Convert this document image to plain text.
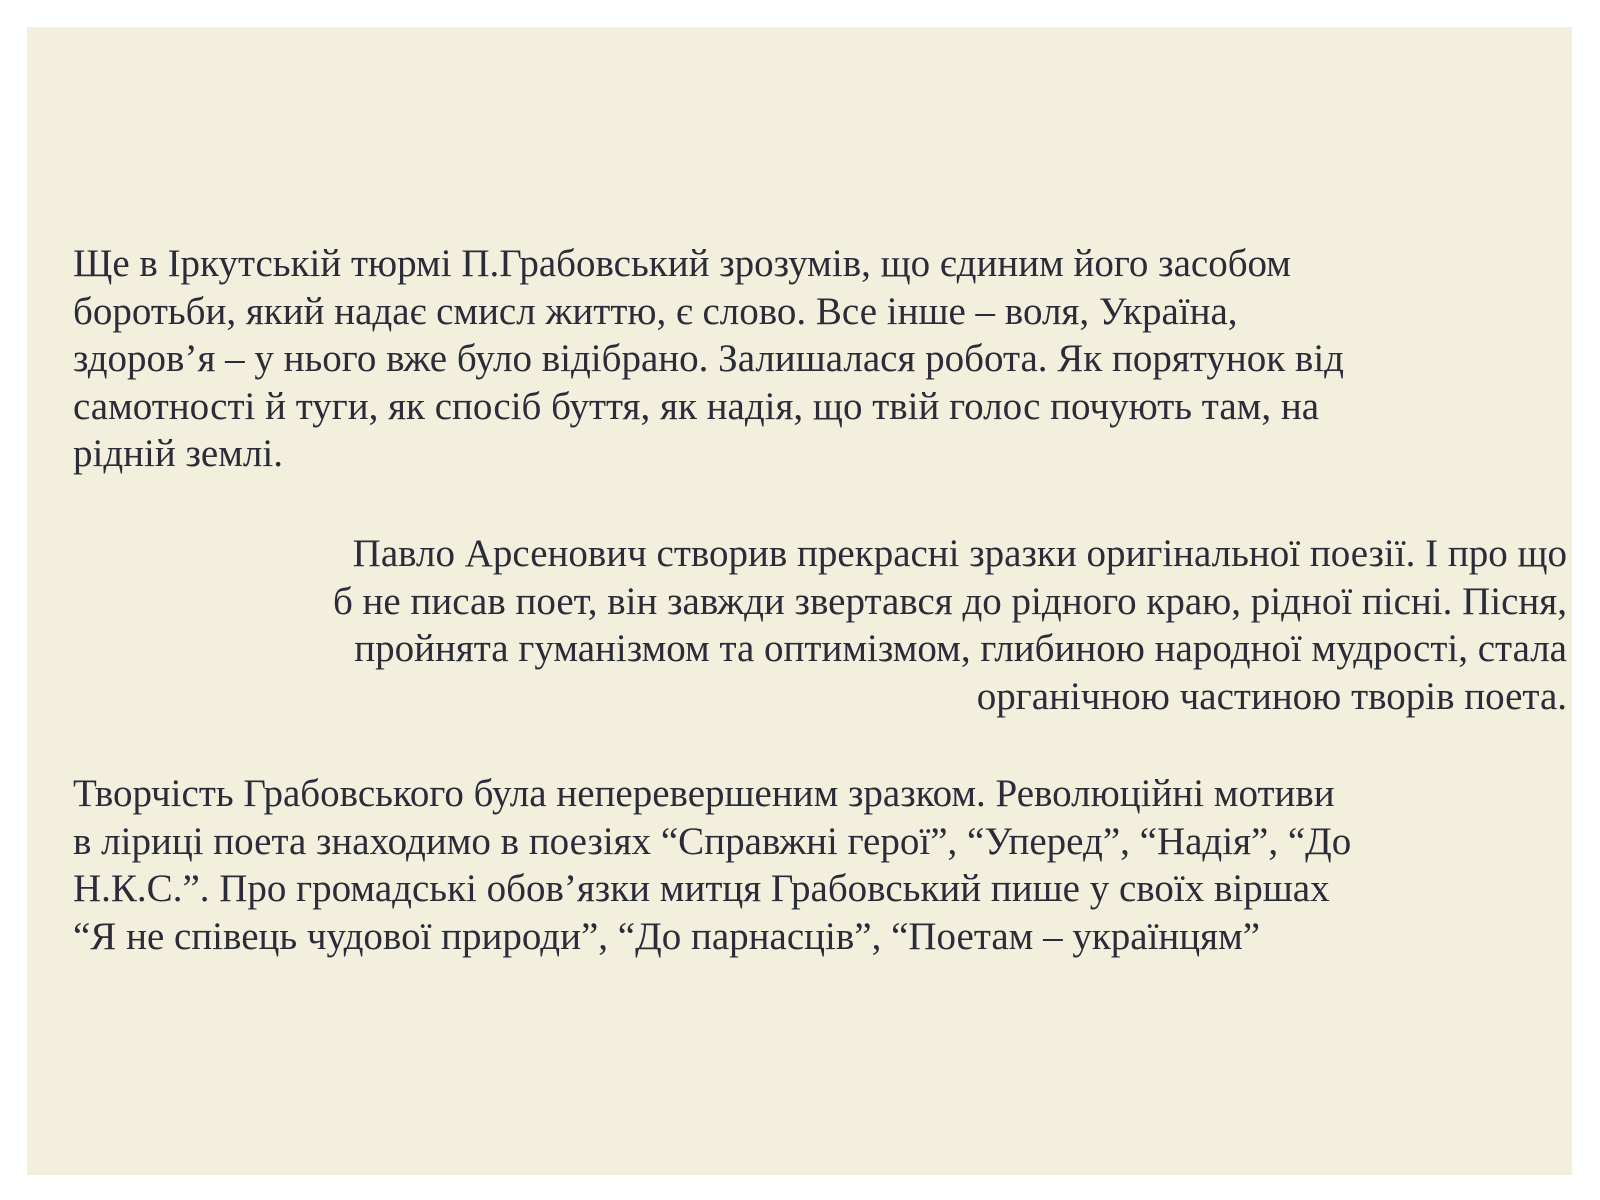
Ще в Іркутській тюрмі П.Грабовський зрозумів, що єдиним його засобом
боротьби, який надає смисл життю, є слово. Все інше – воля, Україна,
здоров’я – у нього вже було відібрано. Залишалася робота. Як порятунок від
самотності й туги, як спосіб буття, як надія, що твій голос почують там, на
рідній землі.

Павло Арсенович створив прекрасні зразки оригінальної поезії. І про що
б не писав поет, він завжди звертався до рідного краю, рідної пісні. Пісня,
пройнята гуманізмом та оптимізмом, глибиною народної мудрості, стала
органічною частиною творів поета.

Творчість Грабовського була неперевершеним зразком. Революційні мотиви
в ліриці поета знаходимо в поезіях “Справжні герої”, “Уперед”, “Надія”, “До
Н.К.С.”. Про громадські обов’язки митця Грабовський пише у своїх віршах
“Я не співець чудової природи”, “До парнасців”, “Поетам – українцям”
